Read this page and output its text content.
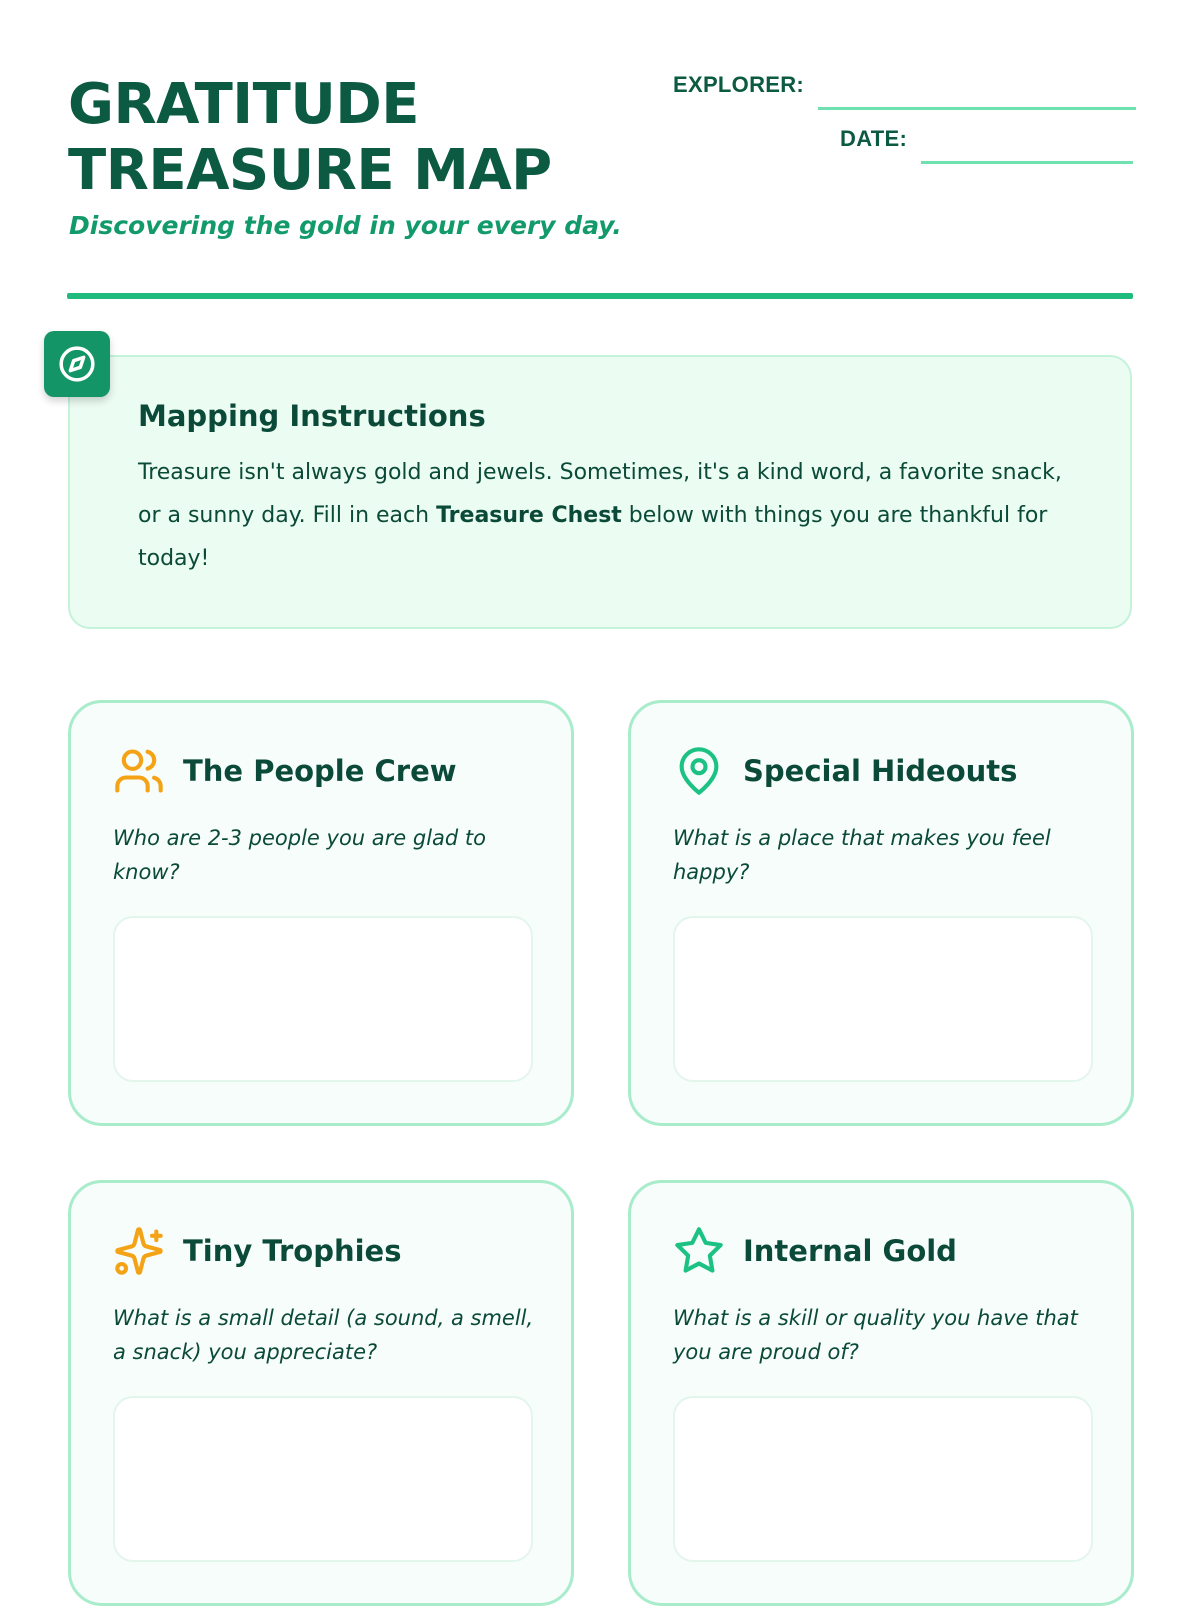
GRATITUDE
TREASURE MAP

Discovering the gold in your every day.

EXPLORER:
DATE:
Mapping Instructions

Treasure isn't always gold and jewels. Sometimes, it's a kind word, a favorite snack, or a sunny day. Fill in each Treasure Chest below with things you are thankful for today!

The People Crew

Who are 2-3 people you are glad to know?

Special Hideouts

What is a place that makes you feel happy?

Tiny Trophies

What is a small detail (a sound, a smell, a snack) you appreciate?

Internal Gold

What is a skill or quality you have that you are proud of?
